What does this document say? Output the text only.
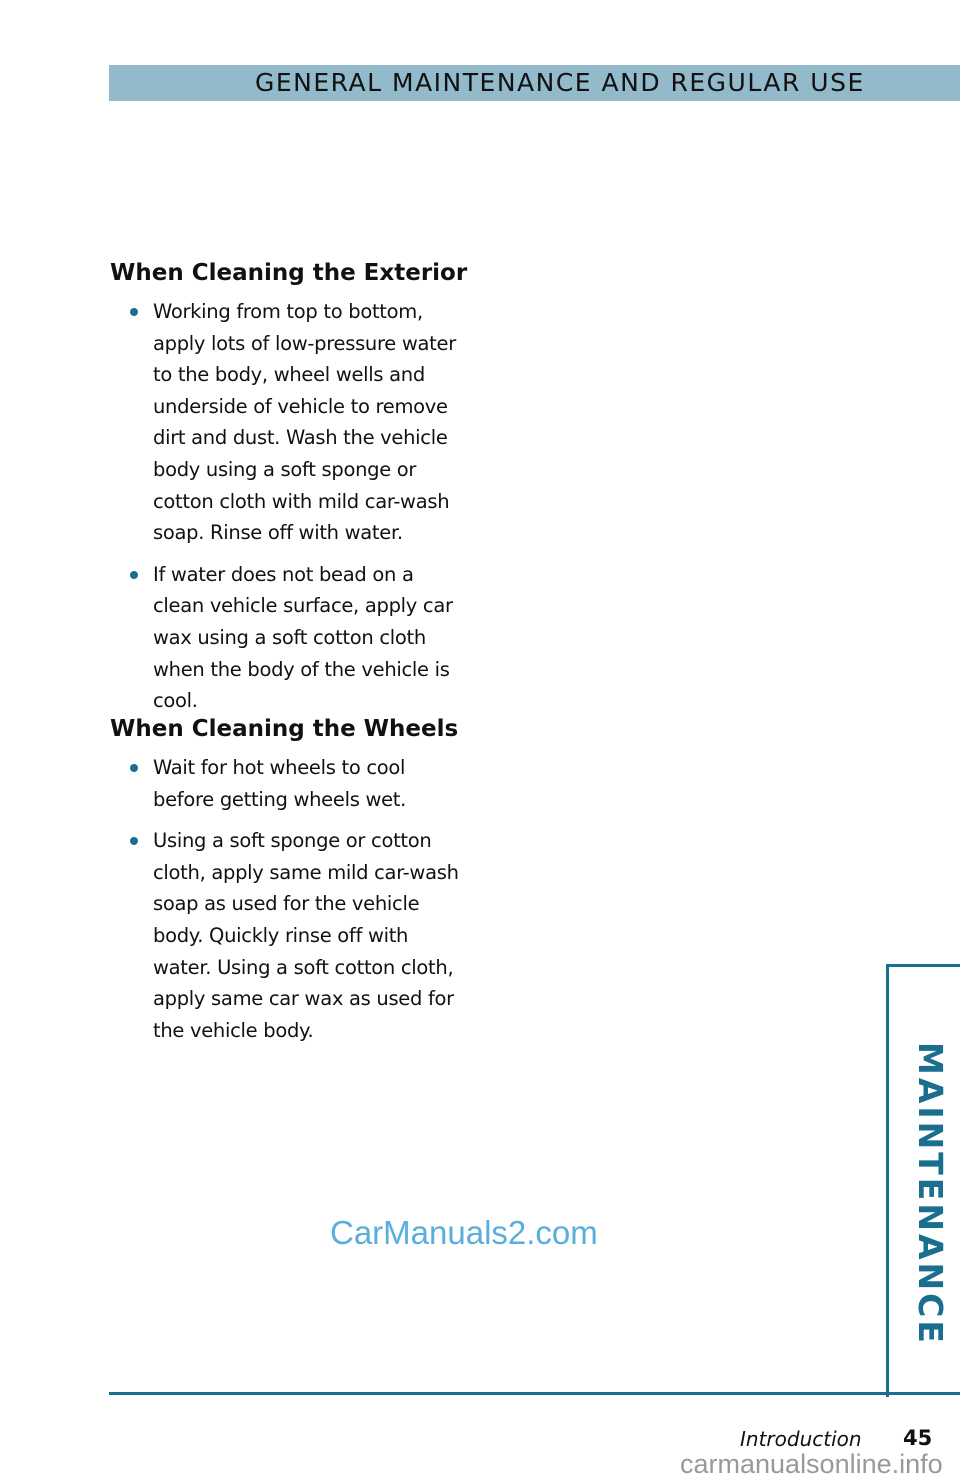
GENERAL MAINTENANCE AND REGULAR USE
When Cleaning the Exterior
Working from top to bottom, apply lots of low-pressure water to the body, wheel wells and underside of vehicle to remove dirt and dust. Wash the vehicle body using a soft sponge or cotton cloth with mild car-wash soap. Rinse off with water.
If water does not bead on a clean vehicle surface, apply car wax using a soft cotton cloth when the body of the vehicle is cool.
When Cleaning the Wheels
Wait for hot wheels to cool before getting wheels wet.
Using a soft sponge or cotton cloth, apply same mild car-wash soap as used for the vehicle body. Quickly rinse off with water. Using a soft cotton cloth, apply same car wax as used for the vehicle body.
MAINTENANCE
CarManuals2.com
Introduction 45
carmanualsonline.info
